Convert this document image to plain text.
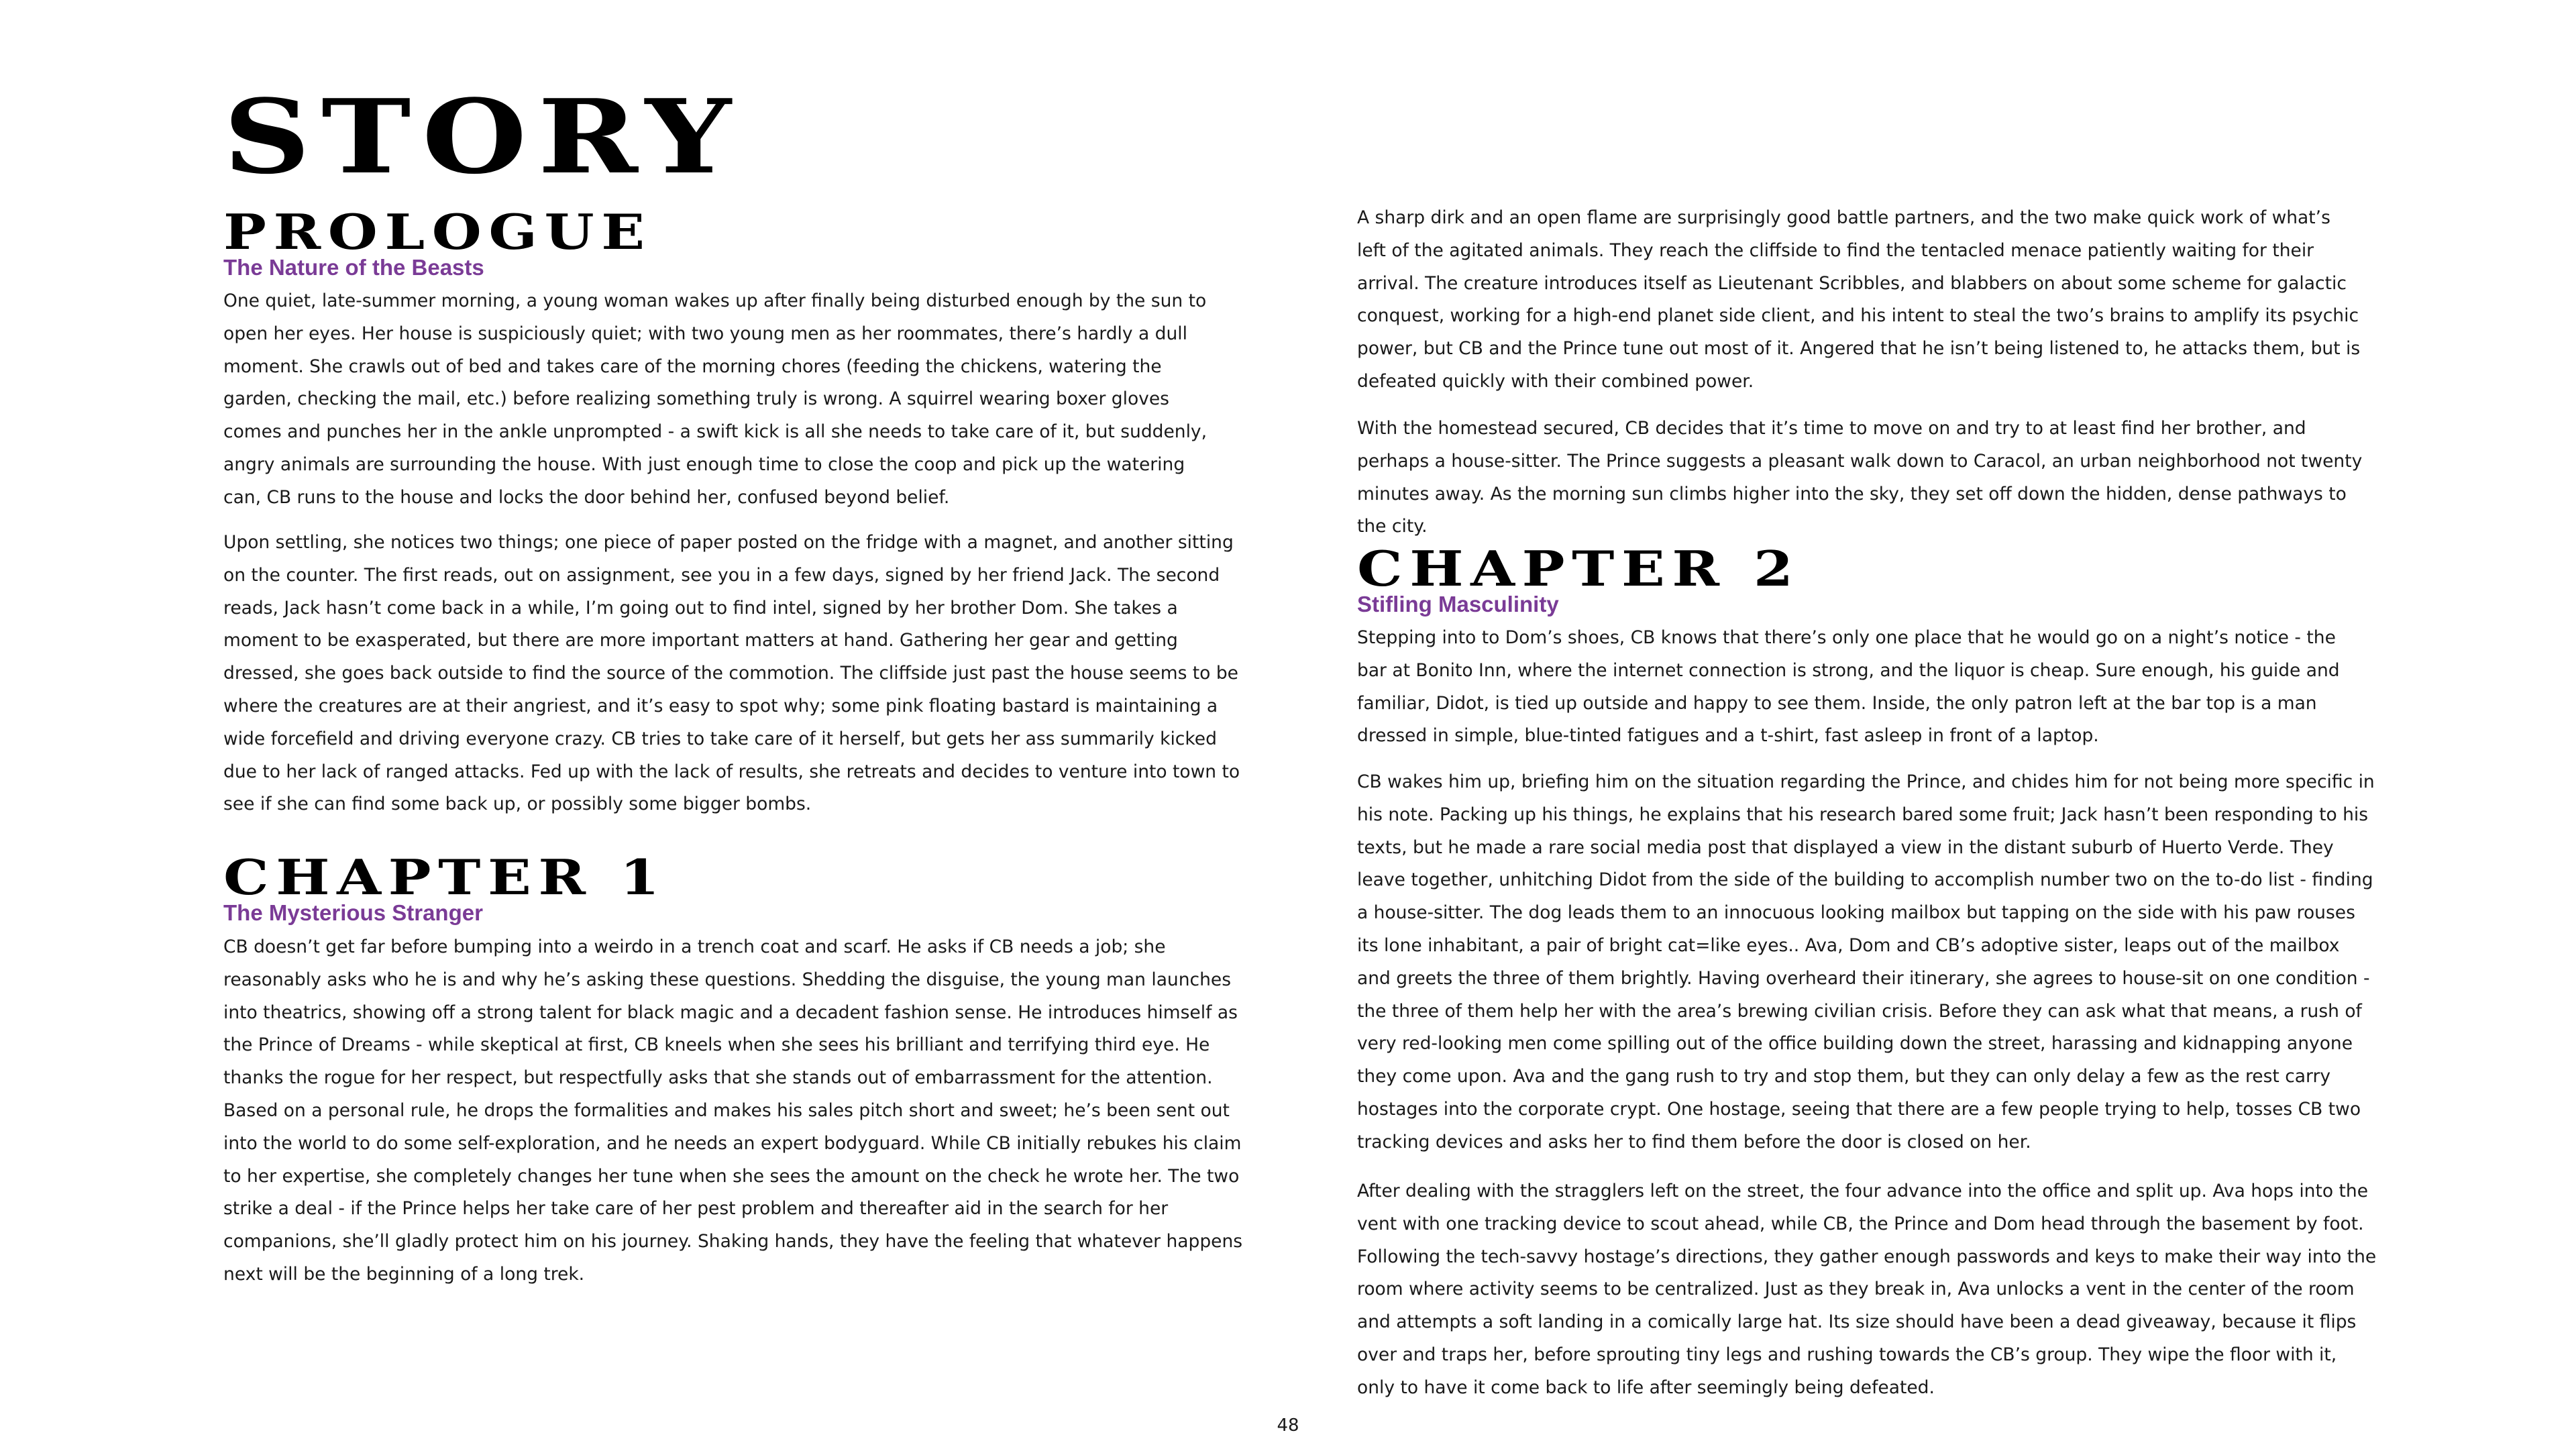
STORY
PROLOGUE
The Nature of the Beasts

One quiet, late-summer morning, a young woman wakes up after finally being disturbed enough by the sun to open her eyes. Her house is suspiciously quiet; with two young men as her roommates, there’s hardly a dull moment. She crawls out of bed and takes care of the morning chores (feeding the chickens, watering the garden, checking the mail, etc.) before realizing something truly is wrong. A squirrel wearing boxer gloves comes and punches her in the ankle unprompted - a swift kick is all she needs to take care of it, but suddenly, angry animals are surrounding the house. With just enough time to close the coop and pick up the watering can, CB runs to the house and locks the door behind her, confused beyond belief.

Upon settling, she notices two things; one piece of paper posted on the fridge with a magnet, and another sitting on the counter. The first reads, out on assignment, see you in a few days, signed by her friend Jack. The second reads, Jack hasn’t come back in a while, I’m going out to find intel, signed by her brother Dom. She takes a moment to be exasperated, but there are more important matters at hand. Gathering her gear and getting dressed, she goes back outside to find the source of the commotion. The cliffside just past the house seems to be where the creatures are at their angriest, and it’s easy to spot why; some pink floating bastard is maintaining a wide forcefield and driving everyone crazy. CB tries to take care of it herself, but gets her ass summarily kicked due to her lack of ranged attacks. Fed up with the lack of results, she retreats and decides to venture into town to see if she can find some back up, or possibly some bigger bombs.

CHAPTER 1
The Mysterious Stranger

CB doesn’t get far before bumping into a weirdo in a trench coat and scarf. He asks if CB needs a job; she reasonably asks who he is and why he’s asking these questions. Shedding the disguise, the young man launches into theatrics, showing off a strong talent for black magic and a decadent fashion sense. He introduces himself as the Prince of Dreams - while skeptical at first, CB kneels when she sees his brilliant and terrifying third eye. He thanks the rogue for her respect, but respectfully asks that she stands out of embarrassment for the attention. Based on a personal rule, he drops the formalities and makes his sales pitch short and sweet; he’s been sent out into the world to do some self-exploration, and he needs an expert bodyguard. While CB initially rebukes his claim to her expertise, she completely changes her tune when she sees the amount on the check he wrote her. The two strike a deal - if the Prince helps her take care of her pest problem and thereafter aid in the search for her companions, she’ll gladly protect him on his journey. Shaking hands, they have the feeling that whatever happens next will be the beginning of a long trek.

A sharp dirk and an open flame are surprisingly good battle partners, and the two make quick work of what’s left of the agitated animals. They reach the cliffside to find the tentacled menace patiently waiting for their arrival. The creature introduces itself as Lieutenant Scribbles, and blabbers on about some scheme for galactic conquest, working for a high-end planet side client, and his intent to steal the two’s brains to amplify its psychic power, but CB and the Prince tune out most of it. Angered that he isn’t being listened to, he attacks them, but is defeated quickly with their combined power.

With the homestead secured, CB decides that it’s time to move on and try to at least find her brother, and perhaps a house-sitter. The Prince suggests a pleasant walk down to Caracol, an urban neighborhood not twenty minutes away. As the morning sun climbs higher into the sky, they set off down the hidden, dense pathways to the city.

CHAPTER 2
Stifling Masculinity

Stepping into to Dom’s shoes, CB knows that there’s only one place that he would go on a night’s notice - the bar at Bonito Inn, where the internet connection is strong, and the liquor is cheap. Sure enough, his guide and familiar, Didot, is tied up outside and happy to see them. Inside, the only patron left at the bar top is a man dressed in simple, blue-tinted fatigues and a t-shirt, fast asleep in front of a laptop.

CB wakes him up, briefing him on the situation regarding the Prince, and chides him for not being more specific in his note. Packing up his things, he explains that his research bared some fruit; Jack hasn’t been responding to his texts, but he made a rare social media post that displayed a view in the distant suburb of Huerto Verde. They leave together, unhitching Didot from the side of the building to accomplish number two on the to-do list - finding a house-sitter. The dog leads them to an innocuous looking mailbox but tapping on the side with his paw rouses its lone inhabitant, a pair of bright cat=like eyes.. Ava, Dom and CB’s adoptive sister, leaps out of the mailbox and greets the three of them brightly. Having overheard their itinerary, she agrees to house-sit on one condition - the three of them help her with the area’s brewing civilian crisis. Before they can ask what that means, a rush of very red-looking men come spilling out of the office building down the street, harassing and kidnapping anyone they come upon. Ava and the gang rush to try and stop them, but they can only delay a few as the rest carry hostages into the corporate crypt. One hostage, seeing that there are a few people trying to help, tosses CB two tracking devices and asks her to find them before the door is closed on her.

After dealing with the stragglers left on the street, the four advance into the office and split up. Ava hops into the vent with one tracking device to scout ahead, while CB, the Prince and Dom head through the basement by foot. Following the tech-savvy hostage’s directions, they gather enough passwords and keys to make their way into the room where activity seems to be centralized. Just as they break in, Ava unlocks a vent in the center of the room and attempts a soft landing in a comically large hat. Its size should have been a dead giveaway, because it flips over and traps her, before sprouting tiny legs and rushing towards the CB’s group. They wipe the floor with it, only to have it come back to life after seemingly being defeated.

48
